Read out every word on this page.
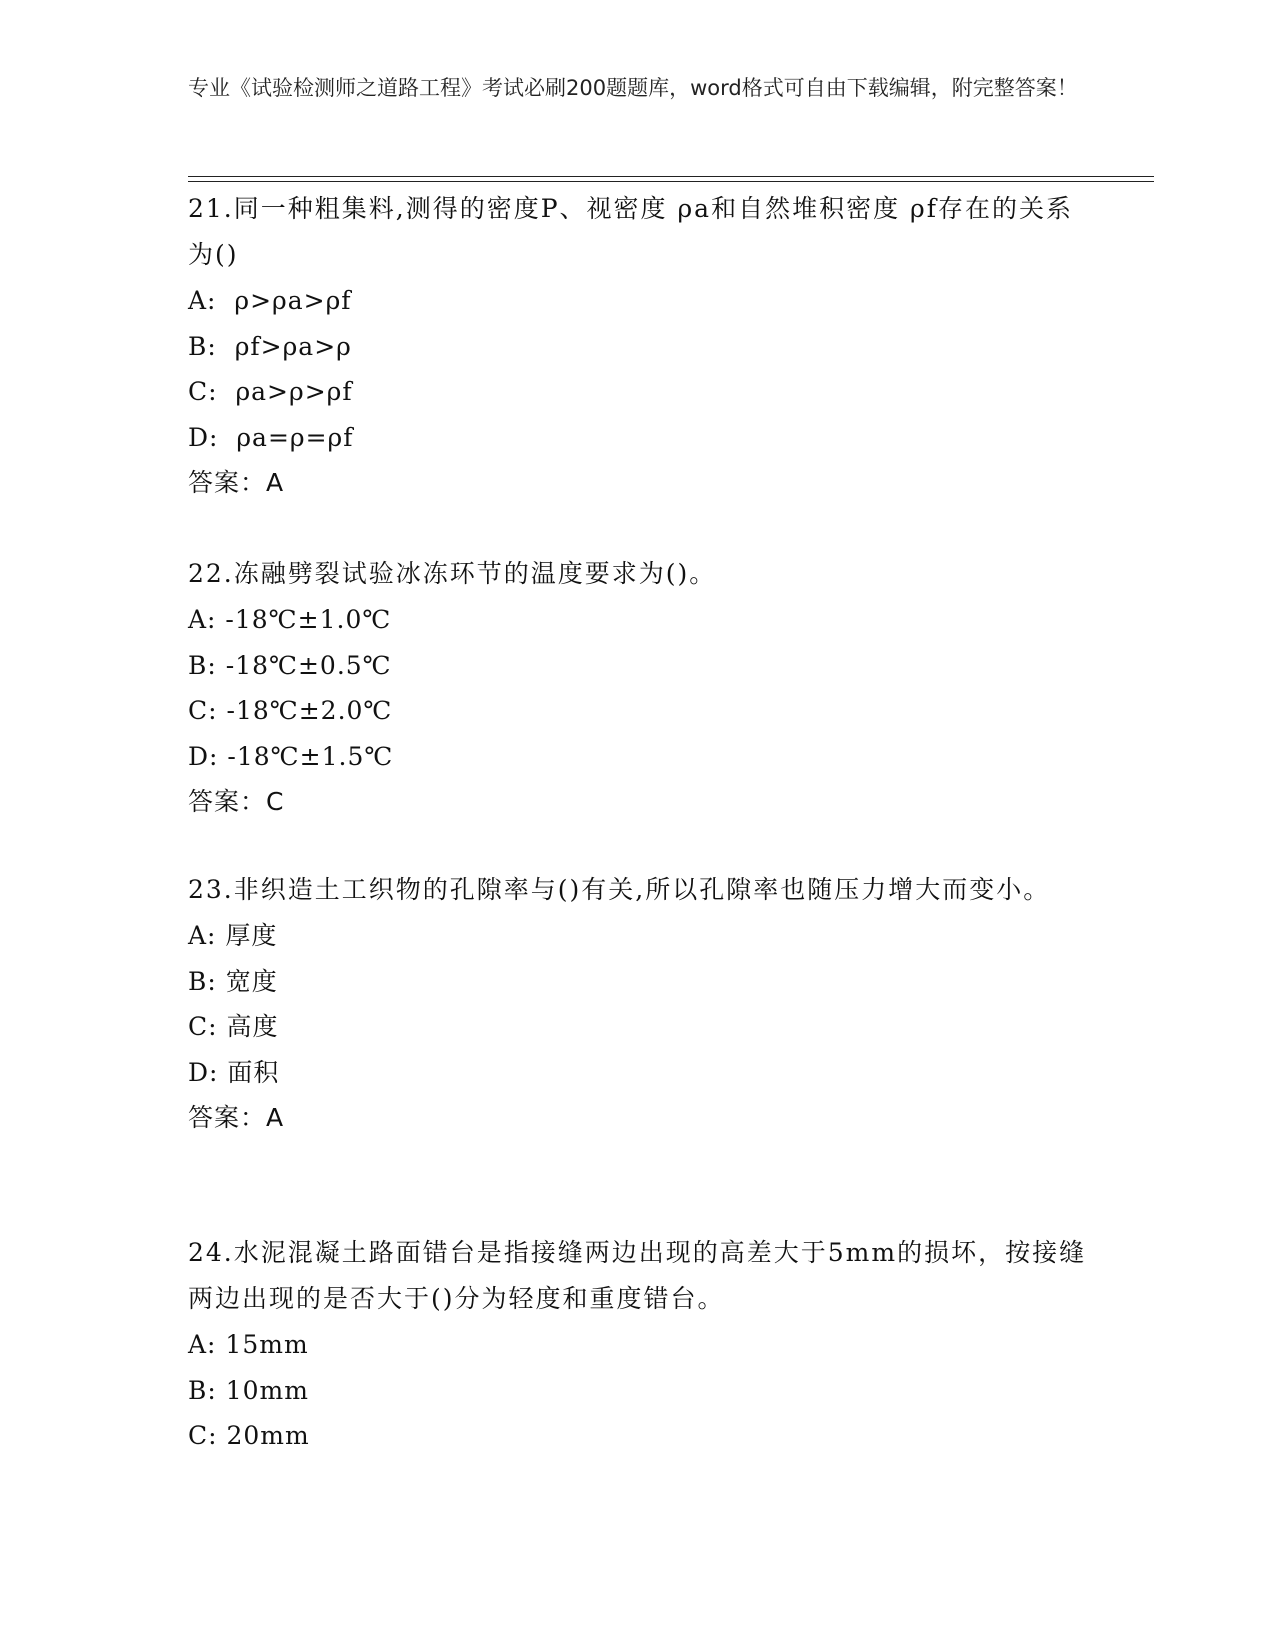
专业《试验检测师之道路工程》考试必刷200题题库，word格式可自由下载编辑，附完整答案！

21.同一种粗集料,测得的密度P、视密度 ρa和自然堆积密度 ρf存在的关系为()

A:  ρ>ρa>ρf
B:  ρf>ρa>ρ
C:  ρa>ρ>ρf
D:  ρa=ρ=ρf
答案：A

22.冻融劈裂试验冰冻环节的温度要求为()。

A: -18℃±1.0℃
B: -18℃±0.5℃
C: -18℃±2.0℃
D: -18℃±1.5℃
答案：C

23.非织造土工织物的孔隙率与()有关,所以孔隙率也随压力增大而变小。

A: 厚度
B: 宽度
C: 高度
D: 面积
答案：A

24.水泥混凝土路面错台是指接缝两边出现的高差大于5mm的损坏，按接缝两边出现的是否大于()分为轻度和重度错台。

A: 15mm
B: 10mm
C: 20mm
